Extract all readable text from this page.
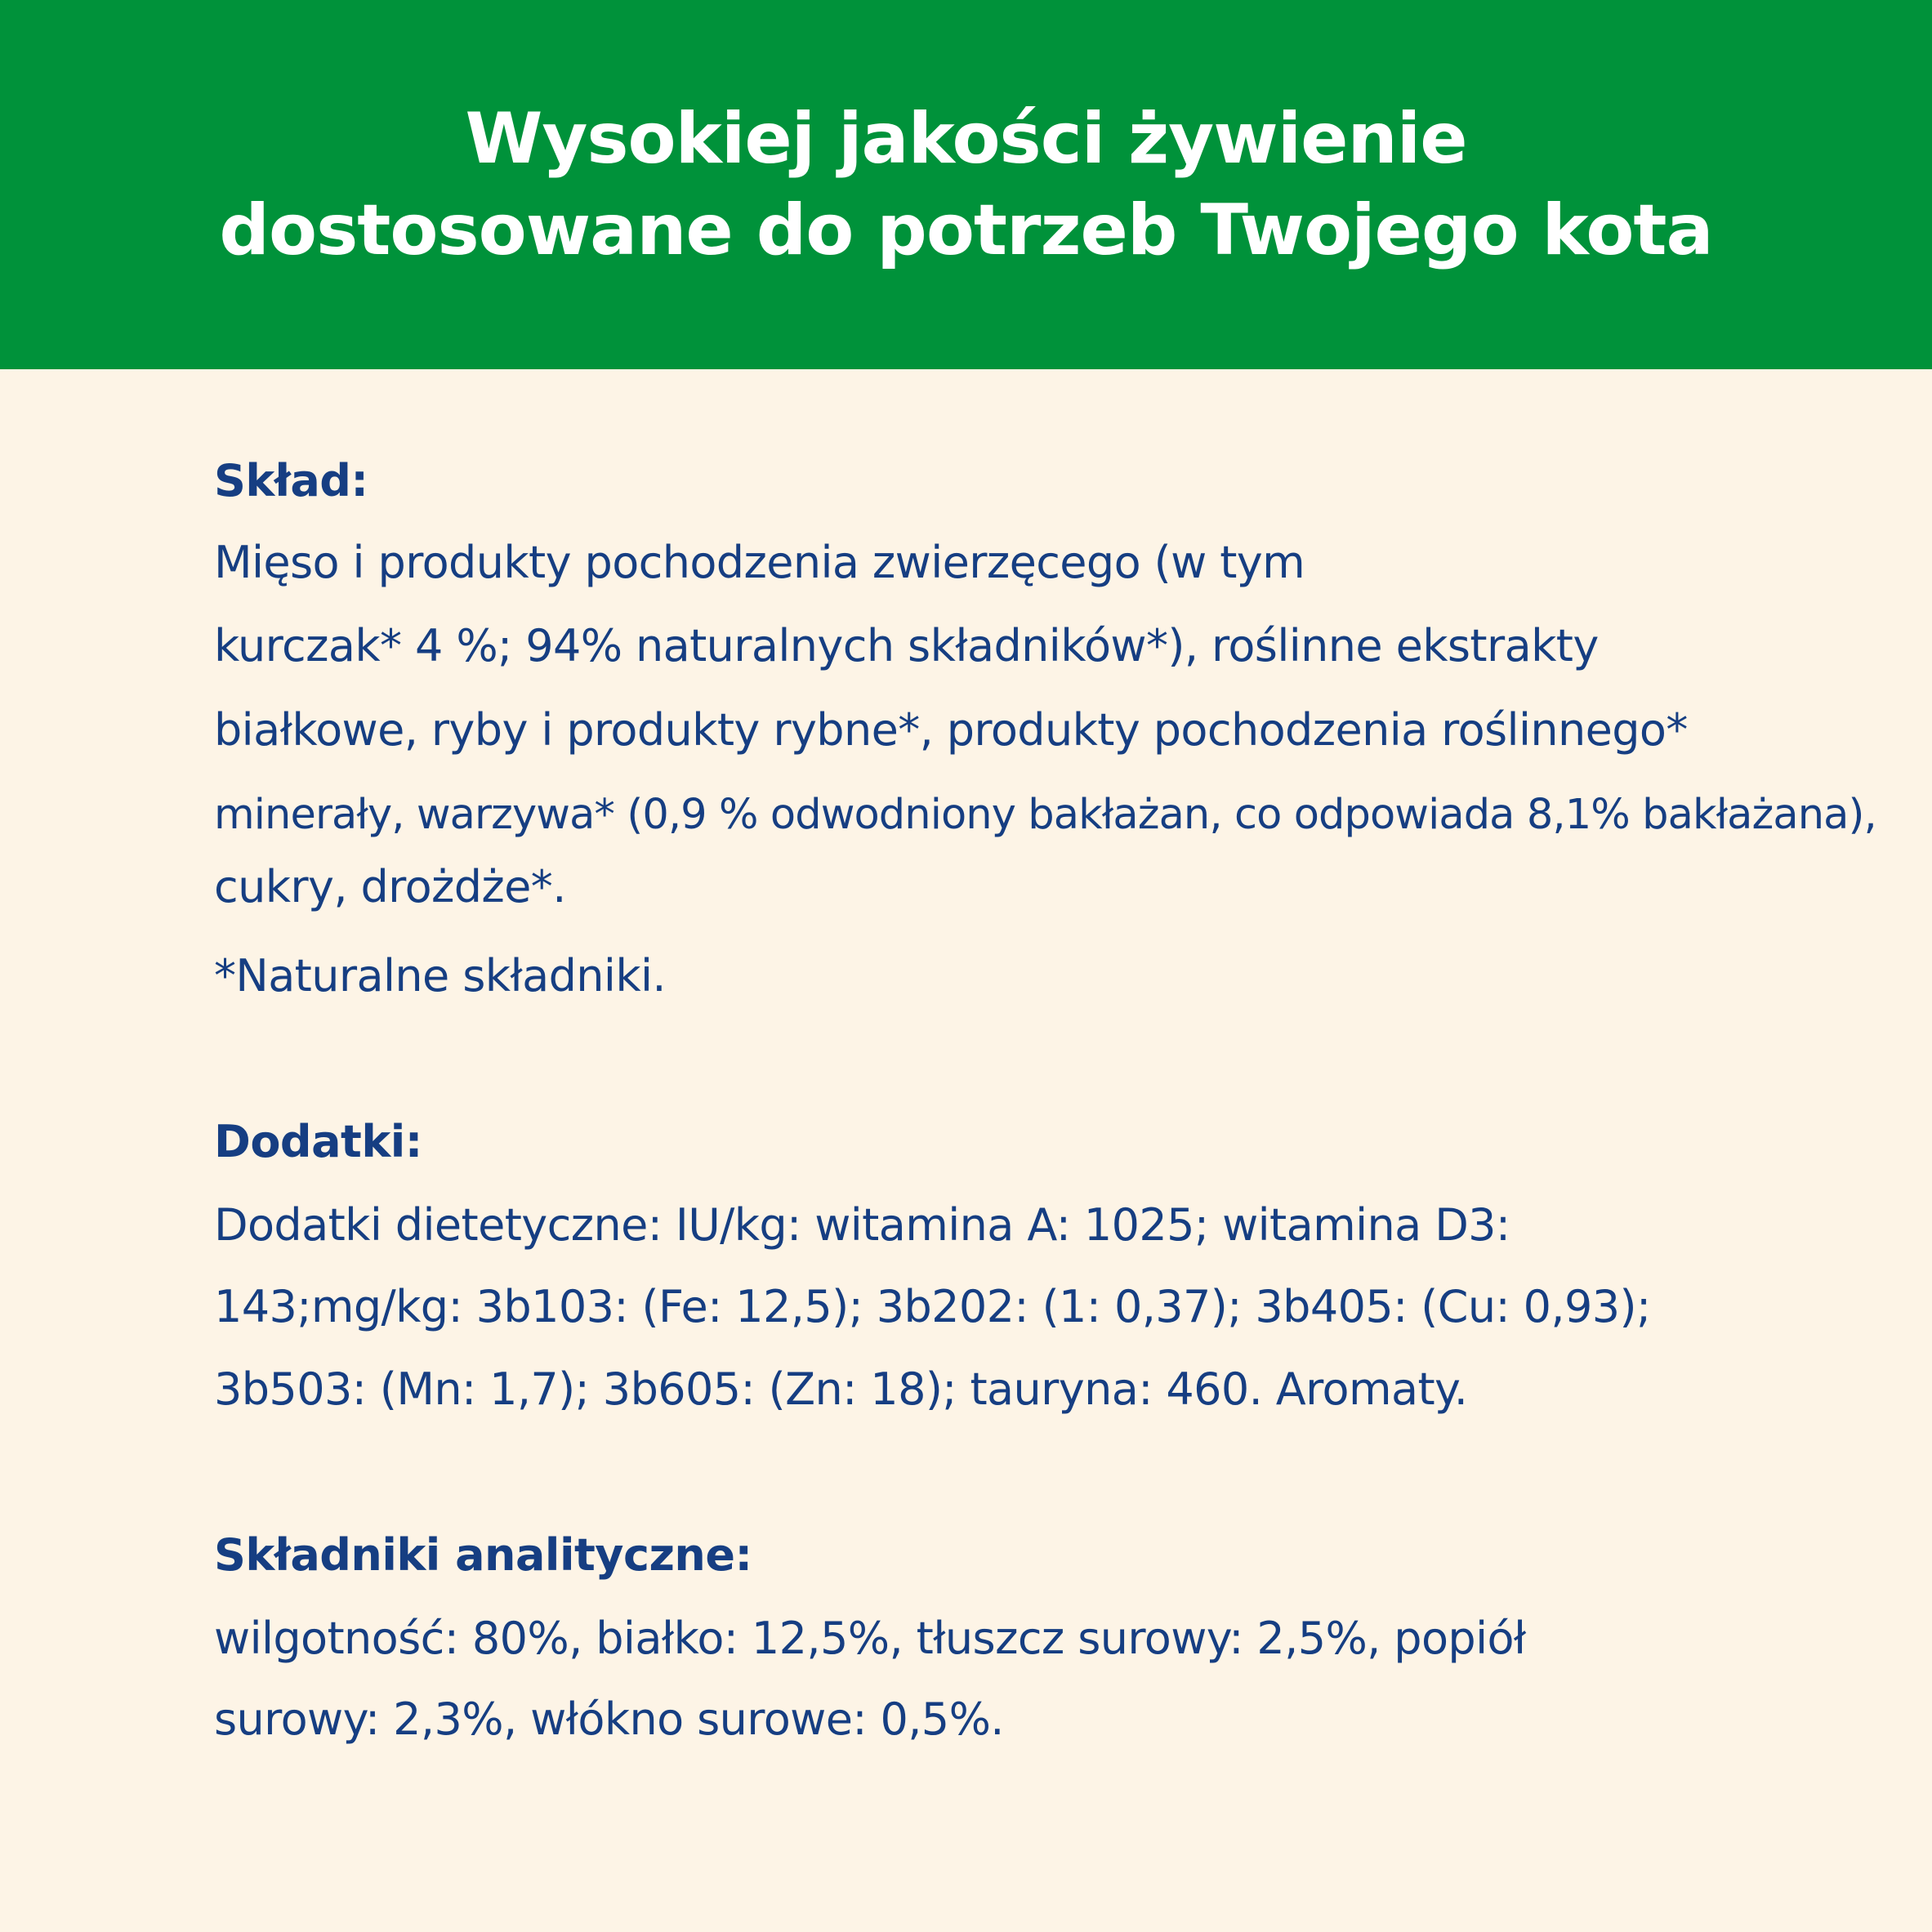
Wysokiej jakości żywienie
dostosowane do potrzeb Twojego kota
Skład:
Mięso i produkty pochodzenia zwierzęcego (w tym
kurczak* 4 %; 94% naturalnych składników*), roślinne ekstrakty
białkowe, ryby i produkty rybne*, produkty pochodzenia roślinnego*
minerały, warzywa* (0,9 % odwodniony bakłażan, co odpowiada 8,1% bakłażana),
cukry, drożdże*.
*Naturalne składniki.
Dodatki:
Dodatki dietetyczne: IU/kg: witamina A: 1025; witamina D3:
143;mg/kg: 3b103: (Fe: 12,5); 3b202: (1: 0,37); 3b405: (Cu: 0,93);
3b503: (Mn: 1,7); 3b605: (Zn: 18); tauryna: 460. Aromaty.
Składniki analityczne:
wilgotność: 80%, białko: 12,5%, tłuszcz surowy: 2,5%, popiół
surowy: 2,3%, włókno surowe: 0,5%.
